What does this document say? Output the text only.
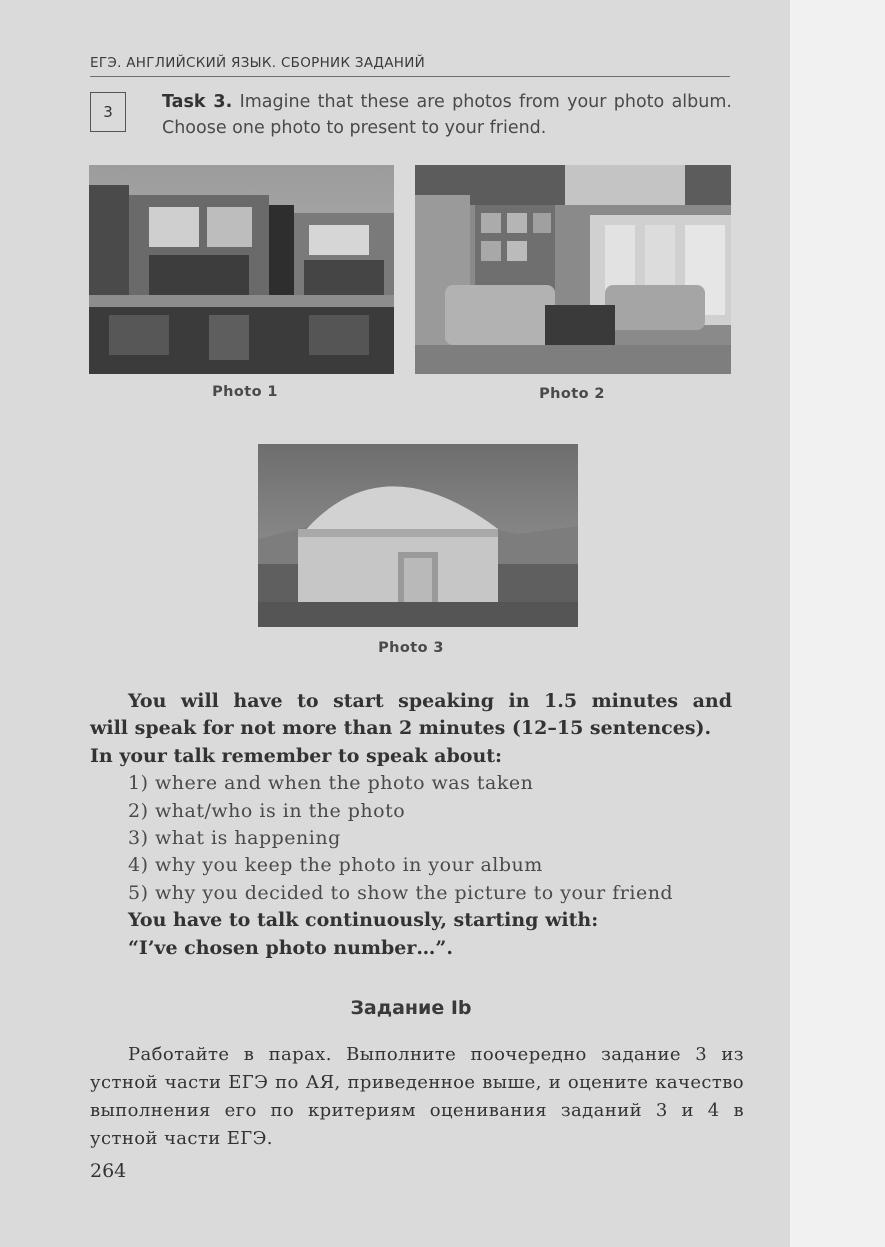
ЕГЭ. АНГЛИЙСКИЙ ЯЗЫК. СБОРНИК ЗАДАНИЙ
3	Task 3. Imagine that these are photos from your photo album. Choose one photo to present to your friend.
Photo 1	Photo 2
Photo 3

You will have to start speaking in 1.5 minutes and

will speak for not more than 2 minutes (12–15 sentences).

In your talk remember to speak about:

1) where and when the photo was taken
2) what/who is in the photo
3) what is happening
4) why you keep the photo in your album
5) why you decided to show the picture to your friend
You have to talk continuously, starting with:
“I’ve chosen photo number…”.
Задание Ib
Работайте в парах. Выполните поочередно задание 3 из устной части ЕГЭ по АЯ, приведенное выше, и оцените качество выполнения его по критериям оценивания заданий 3 и 4 в устной части ЕГЭ.
264
